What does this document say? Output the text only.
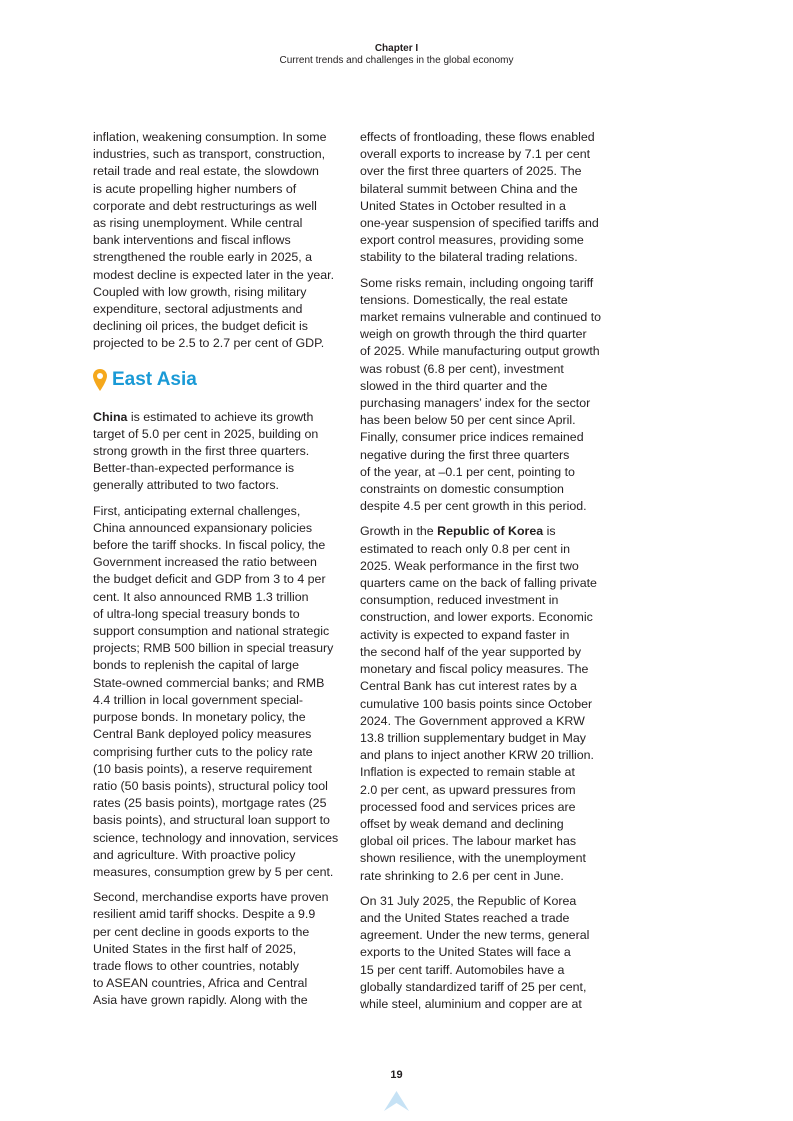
Chapter I
Current trends and challenges in the global economy

inflation, weakening consumption. In some
industries, such as transport, construction,
retail trade and real estate, the slowdown
is acute propelling higher numbers of
corporate and debt restructurings as well
as rising unemployment. While central
bank interventions and fiscal inflows
strengthened the rouble early in 2025, a
modest decline is expected later in the year.
Coupled with low growth, rising military
expenditure, sectoral adjustments and
declining oil prices, the budget deficit is
projected to be 2.5 to 2.7 per cent of GDP.

East Asia

China is estimated to achieve its growth
target of 5.0 per cent in 2025, building on
strong growth in the first three quarters.
Better-than-expected performance is
generally attributed to two factors.

First, anticipating external challenges,
China announced expansionary policies
before the tariff shocks. In fiscal policy, the
Government increased the ratio between
the budget deficit and GDP from 3 to 4 per
cent. It also announced RMB 1.3 trillion
of ultra-long special treasury bonds to
support consumption and national strategic
projects; RMB 500 billion in special treasury
bonds to replenish the capital of large
State-owned commercial banks; and RMB
4.4 trillion in local government special-
purpose bonds. In monetary policy, the
Central Bank deployed policy measures
comprising further cuts to the policy rate
(10 basis points), a reserve requirement
ratio (50 basis points), structural policy tool
rates (25 basis points), mortgage rates (25
basis points), and structural loan support to
science, technology and innovation, services
and agriculture. With proactive policy
measures, consumption grew by 5 per cent.

Second, merchandise exports have proven
resilient amid tariff shocks. Despite a 9.9
per cent decline in goods exports to the
United States in the first half of 2025,
trade flows to other countries, notably
to ASEAN countries, Africa and Central
Asia have grown rapidly. Along with the

effects of frontloading, these flows enabled
overall exports to increase by 7.1 per cent
over the first three quarters of 2025. The
bilateral summit between China and the
United States in October resulted in a
one-year suspension of specified tariffs and
export control measures, providing some
stability to the bilateral trading relations.

Some risks remain, including ongoing tariff
tensions. Domestically, the real estate
market remains vulnerable and continued to
weigh on growth through the third quarter
of 2025. While manufacturing output growth
was robust (6.8 per cent), investment
slowed in the third quarter and the
purchasing managers’ index for the sector
has been below 50 per cent since April.
Finally, consumer price indices remained
negative during the first three quarters
of the year, at –0.1 per cent, pointing to
constraints on domestic consumption
despite 4.5 per cent growth in this period.

Growth in the Republic of Korea is
estimated to reach only 0.8 per cent in
2025. Weak performance in the first two
quarters came on the back of falling private
consumption, reduced investment in
construction, and lower exports. Economic
activity is expected to expand faster in
the second half of the year supported by
monetary and fiscal policy measures. The
Central Bank has cut interest rates by a
cumulative 100 basis points since October
2024. The Government approved a KRW
13.8 trillion supplementary budget in May
and plans to inject another KRW 20 trillion.
Inflation is expected to remain stable at
2.0 per cent, as upward pressures from
processed food and services prices are
offset by weak demand and declining
global oil prices. The labour market has
shown resilience, with the unemployment
rate shrinking to 2.6 per cent in June.

On 31 July 2025, the Republic of Korea
and the United States reached a trade
agreement. Under the new terms, general
exports to the United States will face a
15 per cent tariff. Automobiles have a
globally standardized tariff of 25 per cent,
while steel, aluminium and copper are at

19
